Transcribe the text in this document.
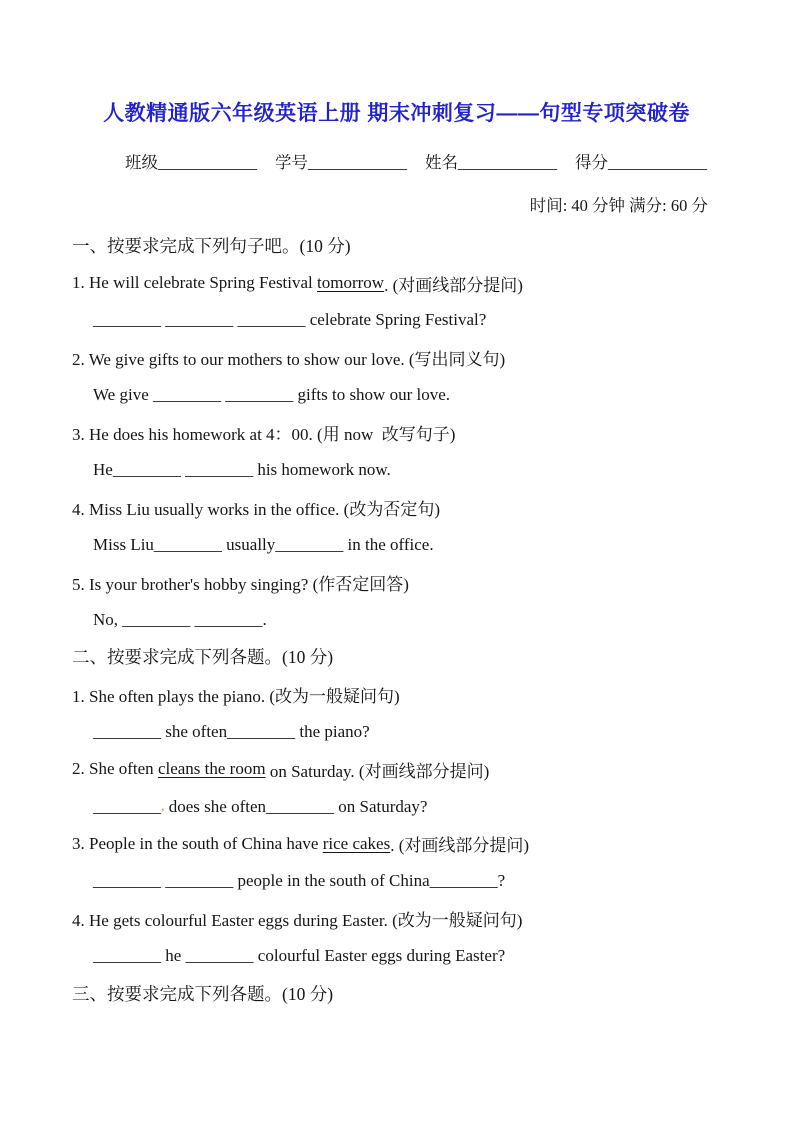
人教精通版六年级英语上册 期末冲刺复习——句型专项突破卷
班级____________ 学号____________ 姓名____________ 得分____________
时间: 40 分钟 满分: 60 分
一、按要求完成下列句子吧。(10 分)
1. He will celebrate Spring Festival tomorrow . (对画线部分提问)
________ ________ ________ celebrate Spring Festival?
2. We give gifts to our mothers to show our love. (写出同义句)
We give ________ ________ gifts to show our love.
3. He does his homework at 4：00. (用 now  改写句子)
He________ ________ his homework now.
4. Miss Liu usually works in the office. (改为否定句)
Miss Liu________ usually________ in the office.
5. Is your brother's hobby singing? (作否定回答)
No, ________ ________.
二、按要求完成下列各题。(10 分)
1. She often plays the piano. (改为一般疑问句)
________ she often________ the piano?
2. She often cleans the room on Saturday. (对画线部分提问)
________ , does she often________ on Saturday?
3. People in the south of China have rice cakes . (对画线部分提问)
________ ________ people in the south of China________?
4. He gets colourful Easter eggs during Easter. (改为一般疑问句)
________ he ________ colourful Easter eggs during Easter?
三、按要求完成下列各题。(10 分)
